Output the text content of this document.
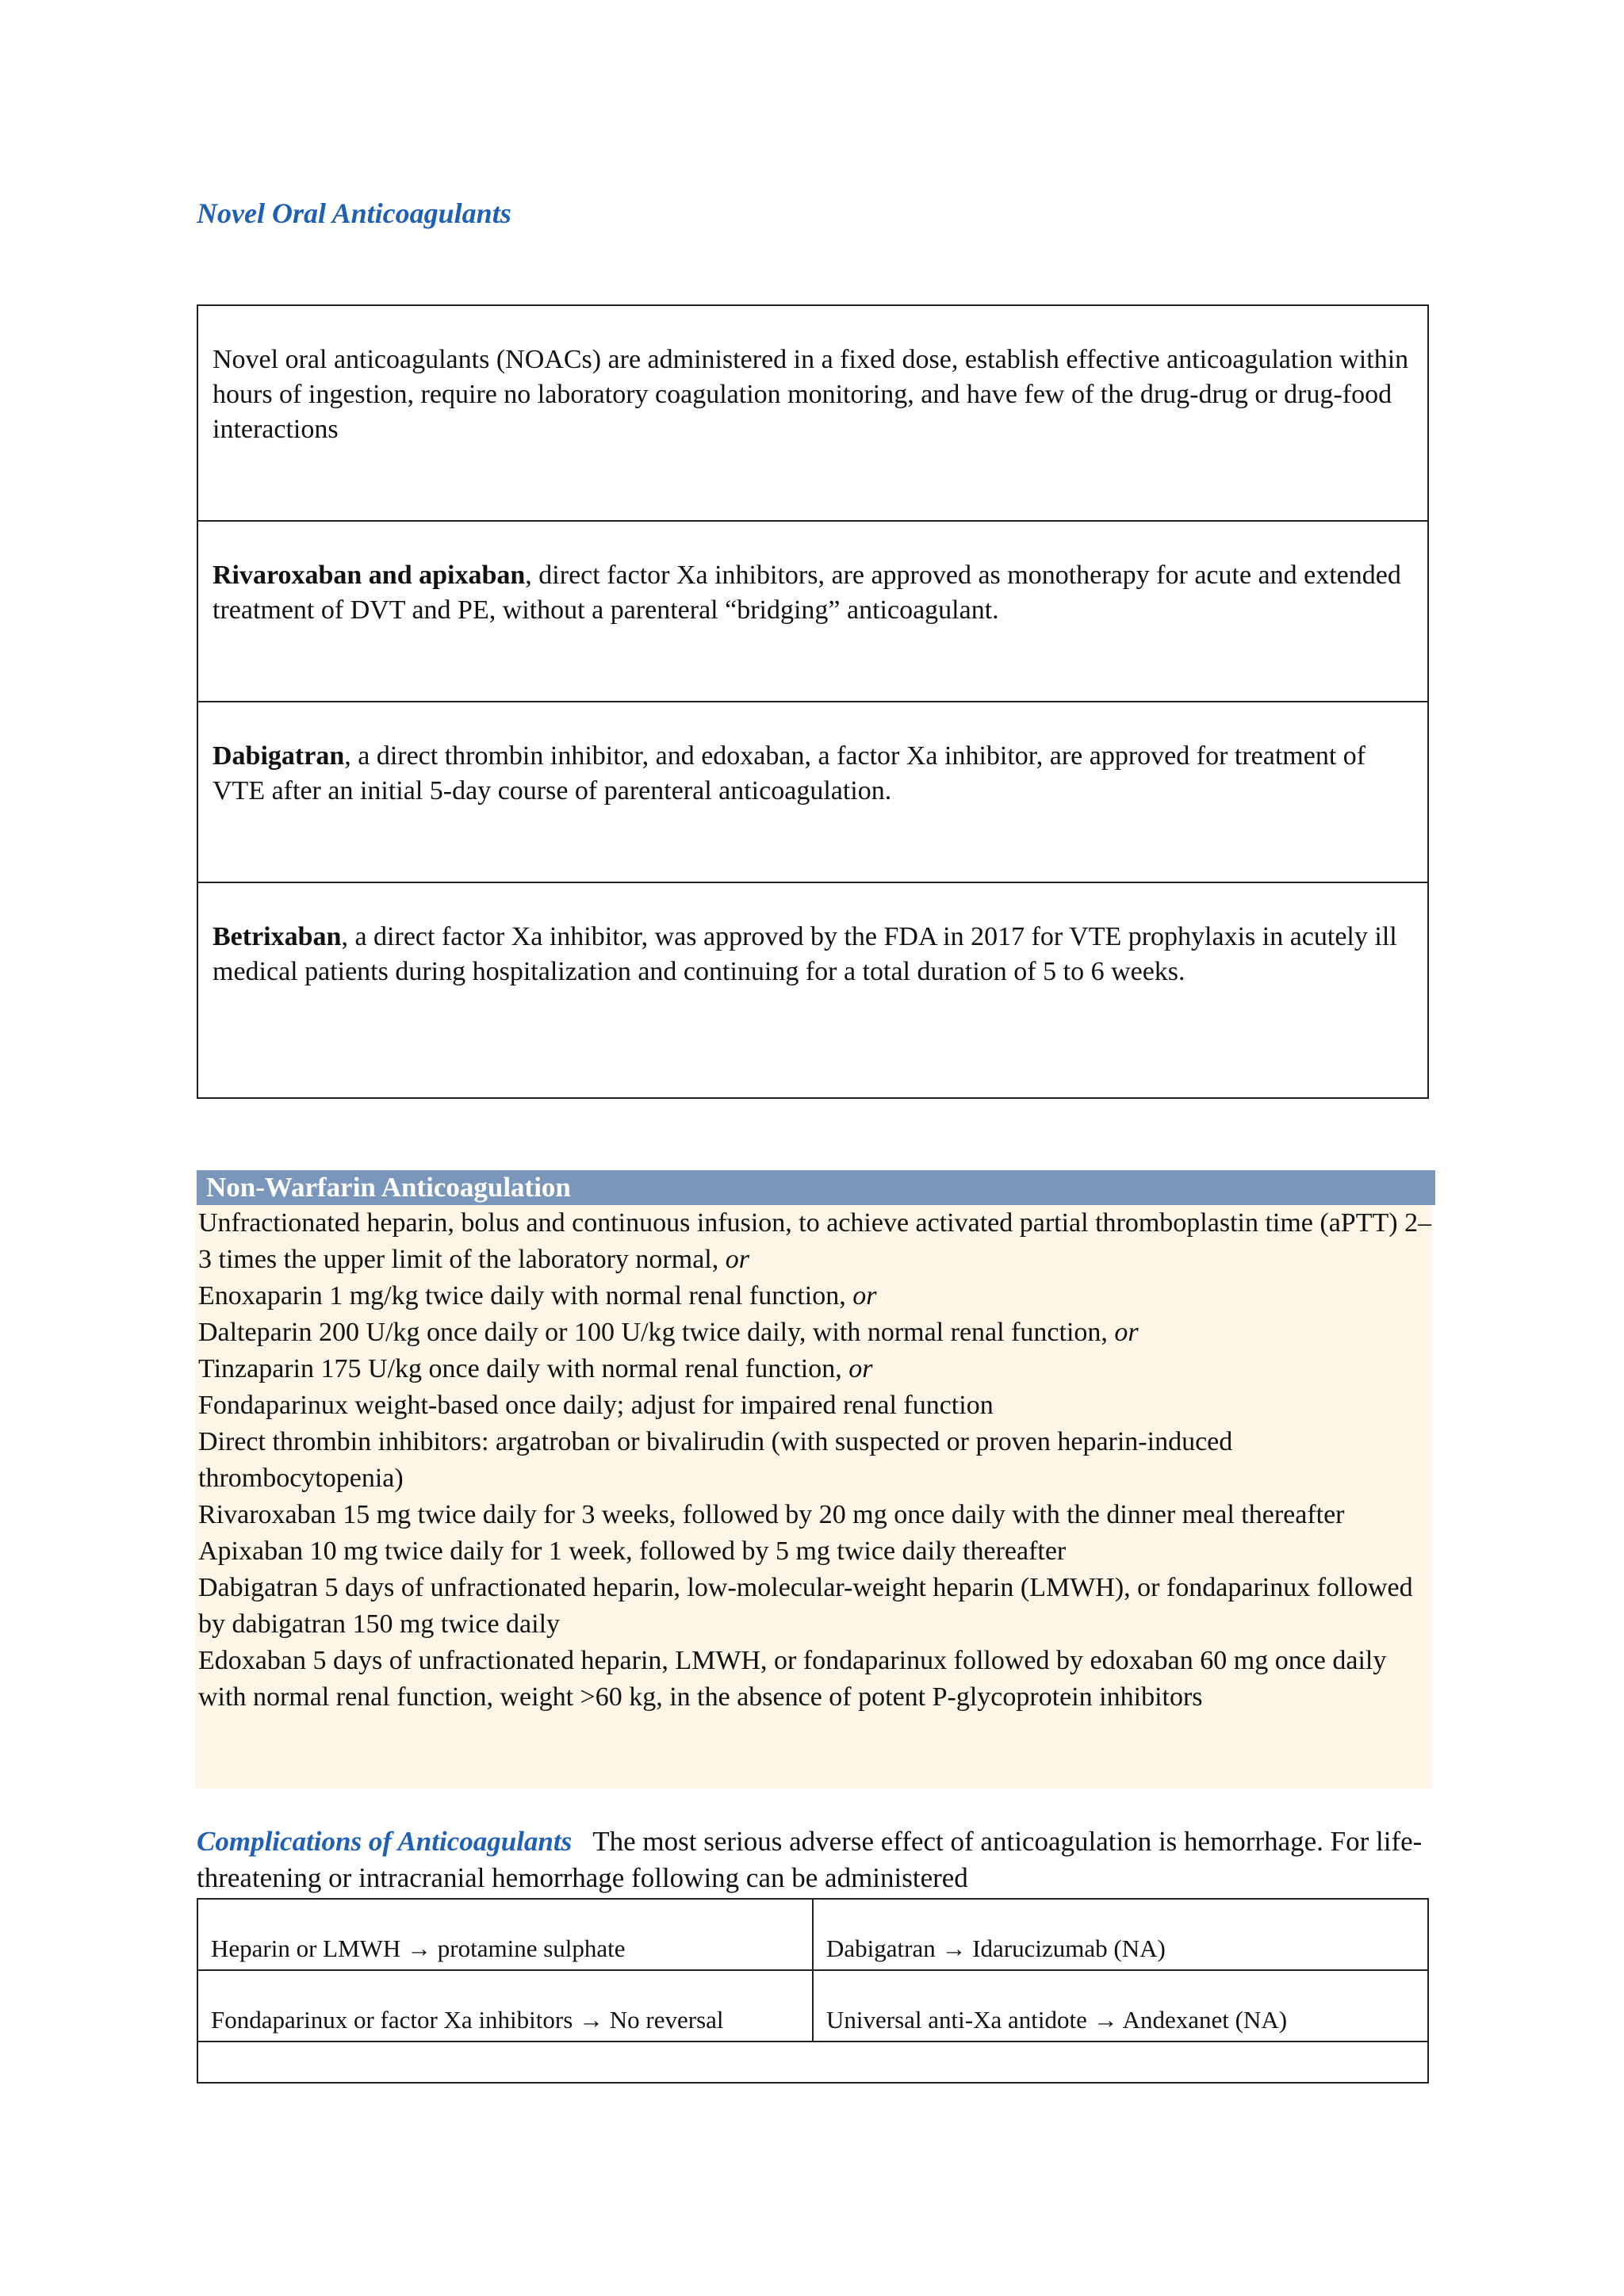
Novel Oral Anticoagulants
Novel oral anticoagulants (NOACs) are administered in a fixed dose, establish effective anticoagulation within hours of ingestion, require no laboratory coagulation monitoring, and have few of the drug-drug or drug-food interactions

Rivaroxaban and apixaban, direct factor Xa inhibitors, are approved as monotherapy for acute and extended treatment of DVT and PE, without a parenteral “bridging” anticoagulant.

Dabigatran, a direct thrombin inhibitor, and edoxaban, a factor Xa inhibitor, are approved for treatment of VTE after an initial 5-day course of parenteral anticoagulation.

Betrixaban, a direct factor Xa inhibitor, was approved by the FDA in 2017 for VTE prophylaxis in acutely ill medical patients during hospitalization and continuing for a total duration of 5 to 6 weeks.
Non-Warfarin Anticoagulation
Unfractionated heparin, bolus and continuous infusion, to achieve activated partial thromboplastin time (aPTT) 2–3 times the upper limit of the laboratory normal, or
Enoxaparin 1 mg/kg twice daily with normal renal function, or
Dalteparin 200 U/kg once daily or 100 U/kg twice daily, with normal renal function, or
Tinzaparin 175 U/kg once daily with normal renal function, or
Fondaparinux weight-based once daily; adjust for impaired renal function
Direct thrombin inhibitors: argatroban or bivalirudin (with suspected or proven heparin-induced thrombocytopenia)
Rivaroxaban 15 mg twice daily for 3 weeks, followed by 20 mg once daily with the dinner meal thereafter
Apixaban 10 mg twice daily for 1 week, followed by 5 mg twice daily thereafter
Dabigatran 5 days of unfractionated heparin, low-molecular-weight heparin (LMWH), or fondaparinux followed by dabigatran 150 mg twice daily
Edoxaban 5 days of unfractionated heparin, LMWH, or fondaparinux followed by edoxaban 60 mg once daily with normal renal function, weight >60 kg, in the absence of potent P-glycoprotein inhibitors

Complications of Anticoagulants The most serious adverse effect of anticoagulation is hemorrhage. For life-threatening or intracranial hemorrhage following can be administered

Heparin or LMWH → protamine sulphate	Dabigatran → Idarucizumab (NA)
Fondaparinux or factor Xa inhibitors → No reversal	Universal anti-Xa antidote → Andexanet (NA)
